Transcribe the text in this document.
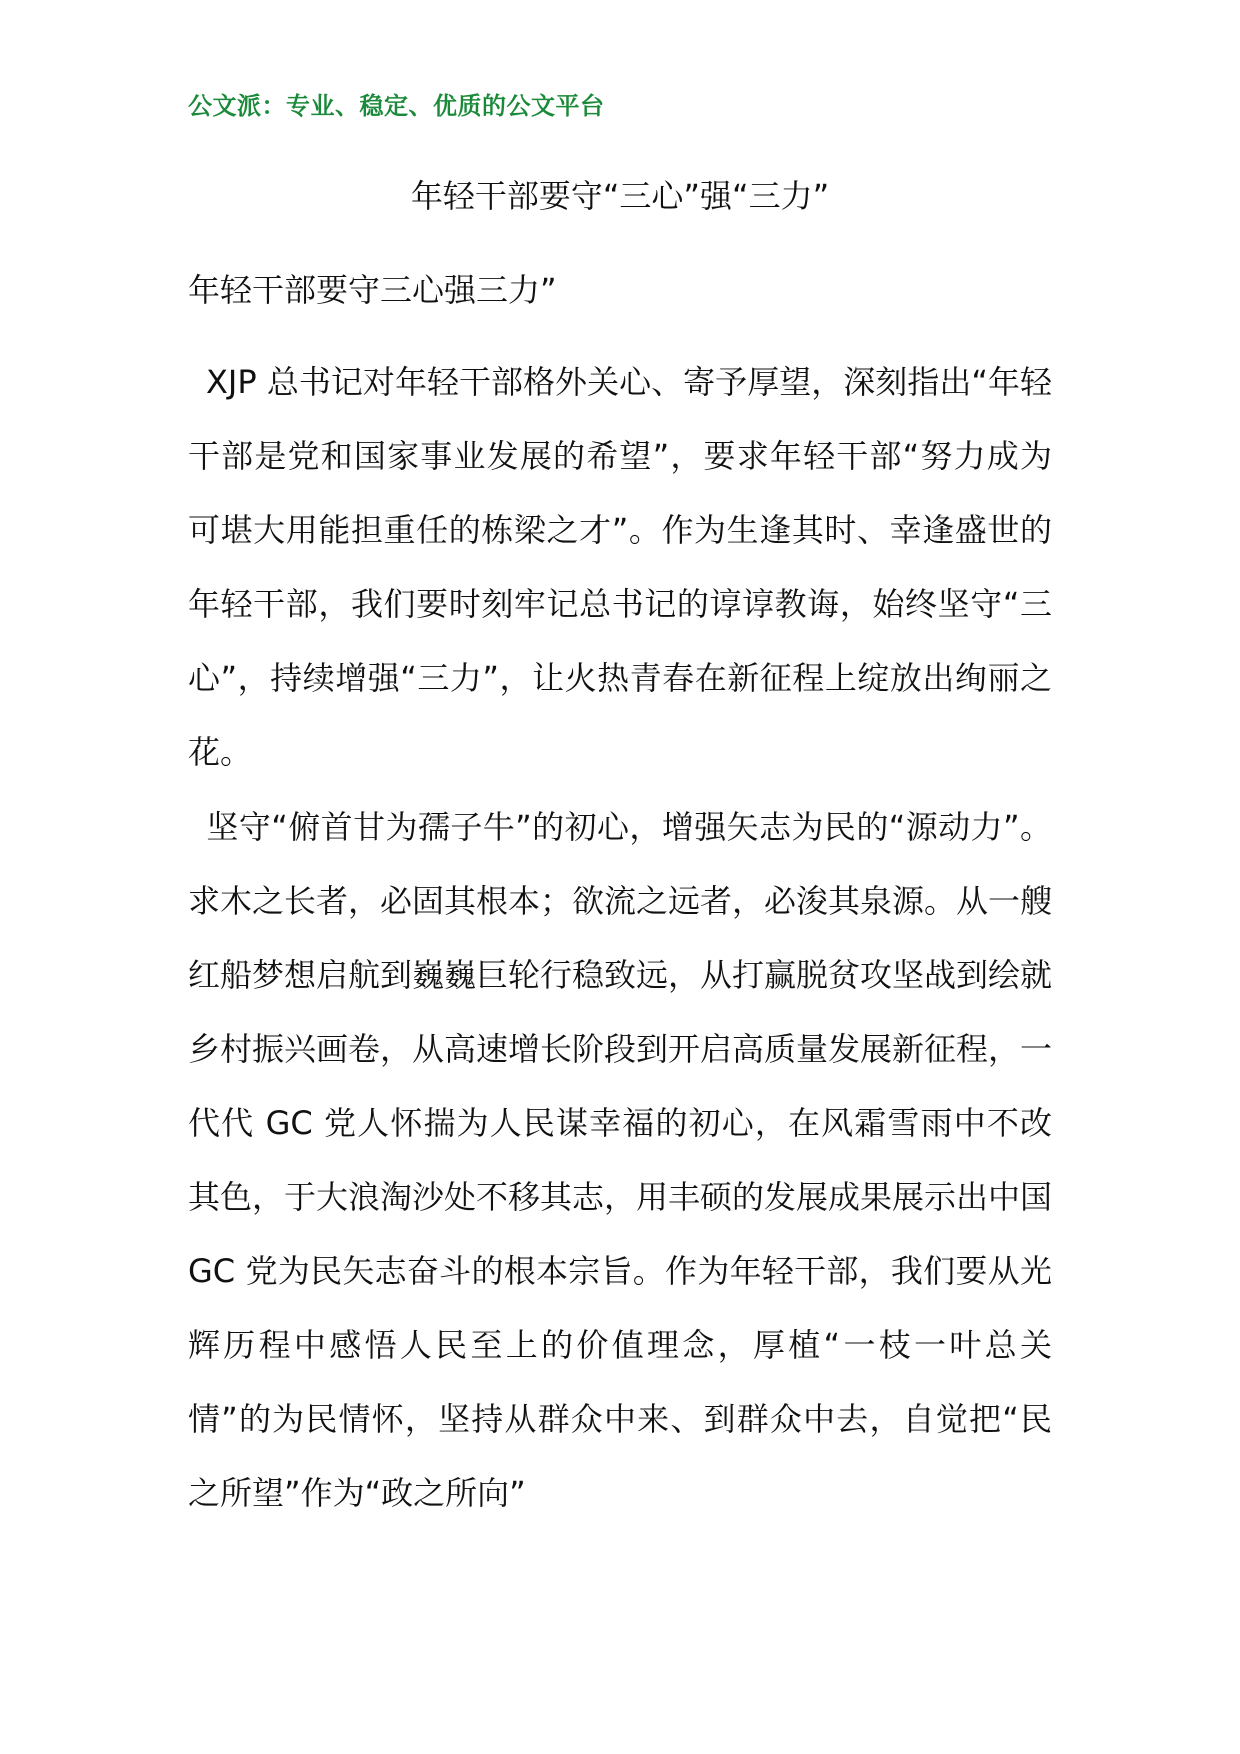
公文派：专业、稳定、优质的公文平台
年轻干部要守“三心”强“三力”
年轻干部要守三心强三力”

XJP 总书记对年轻干部格外关心、寄予厚望，深刻指出“年轻干部是党和国家事业发展的希望”，要求年轻干部“努力成为可堪大用能担重任的栋梁之才”。作为生逢其时、幸逢盛世的年轻干部，我们要时刻牢记总书记的谆谆教诲，始终坚守“三心”，持续增强“三力”，让火热青春在新征程上绽放出绚丽之花。

坚守“俯首甘为孺子牛”的初心，增强矢志为民的“源动力”。求木之长者，必固其根本；欲流之远者，必浚其泉源。从一艘红船梦想启航到巍巍巨轮行稳致远，从打赢脱贫攻坚战到绘就乡村振兴画卷，从高速增长阶段到开启高质量发展新征程，一代代 GC 党人怀揣为人民谋幸福的初心，在风霜雪雨中不改其色，于大浪淘沙处不移其志，用丰硕的发展成果展示出中国 GC 党为民矢志奋斗的根本宗旨。作为年轻干部，我们要从光辉历程中感悟人民至上的价值理念，厚植“一枝一叶总关情”的为民情怀，坚持从群众中来、到群众中去，自觉把“民之所望”作为“政之所向”
